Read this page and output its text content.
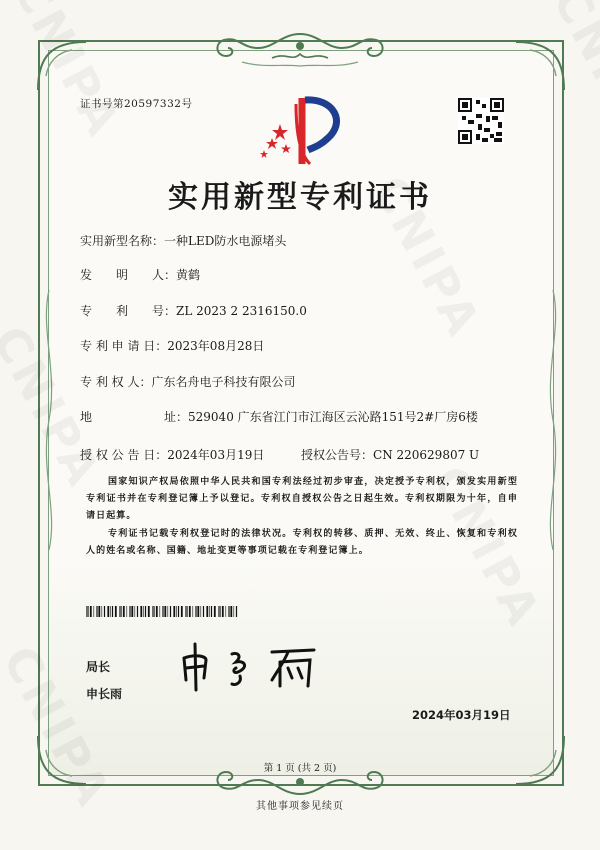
证书号第20597332号
实用新型专利证书
实用新型名称：一种LED防水电源堵头
发　　明　　人：黄鹤
专　　利　　号：ZL 2023 2 2316150.0
专 利 申 请 日：2023年08月28日
专 利 权 人：广东名舟电子科技有限公司
地　　　　　　址：529040 广东省江门市江海区云沁路151号2#厂房6楼
授 权 公 告 日：2024年03月19日	授权公告号：CN 220629807 U
国家知识产权局依照中华人民共和国专利法经过初步审查，决定授予专利权，颁发实用新型专利证书并在专利登记簿上予以登记。专利权自授权公告之日起生效。专利权期限为十年，自申请日起算。
专利证书记载专利权登记时的法律状况。专利权的转移、质押、无效、终止、恢复和专利权人的姓名或名称、国籍、地址变更等事项记载在专利登记簿上。
局长
申长雨
2024年03月19日
第 1 页 (共 2 页)
其他事项参见续页
